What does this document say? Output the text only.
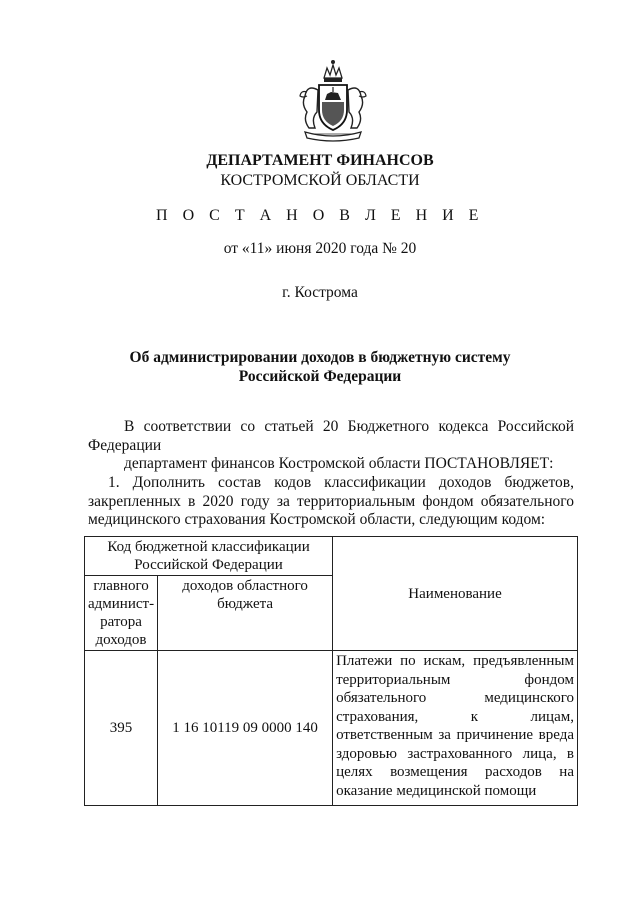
ДЕПАРТАМЕНТ ФИНАНСОВ
КОСТРОМСКОЙ ОБЛАСТИ
П О С Т А Н О В Л Е Н И Е
от «11» июня 2020 года № 20
г. Кострома
Об администрировании доходов в бюджетную систему
Российской Федерации
В соответствии со статьей 20 Бюджетного кодекса Российской Федерации
департамент финансов Костромской области ПОСТАНОВЛЯЕТ:
1. Дополнить состав кодов классификации доходов бюджетов, закрепленных в 2020 году за территориальным фондом обязательного медицинского страхования Костромской области, следующим кодом:
Код бюджетной классификации Российской Федерации		Наименование
главного админист-ратора доходов	доходов областного бюджета	
395	1 16 10119 09 0000 140	Платежи по искам, предъявленным территориальным фондом обязательного медицинского страхования, к лицам, ответственным за причинение вреда здоровью застрахованного лица, в целях возмещения расходов на оказание медицинской помощи
